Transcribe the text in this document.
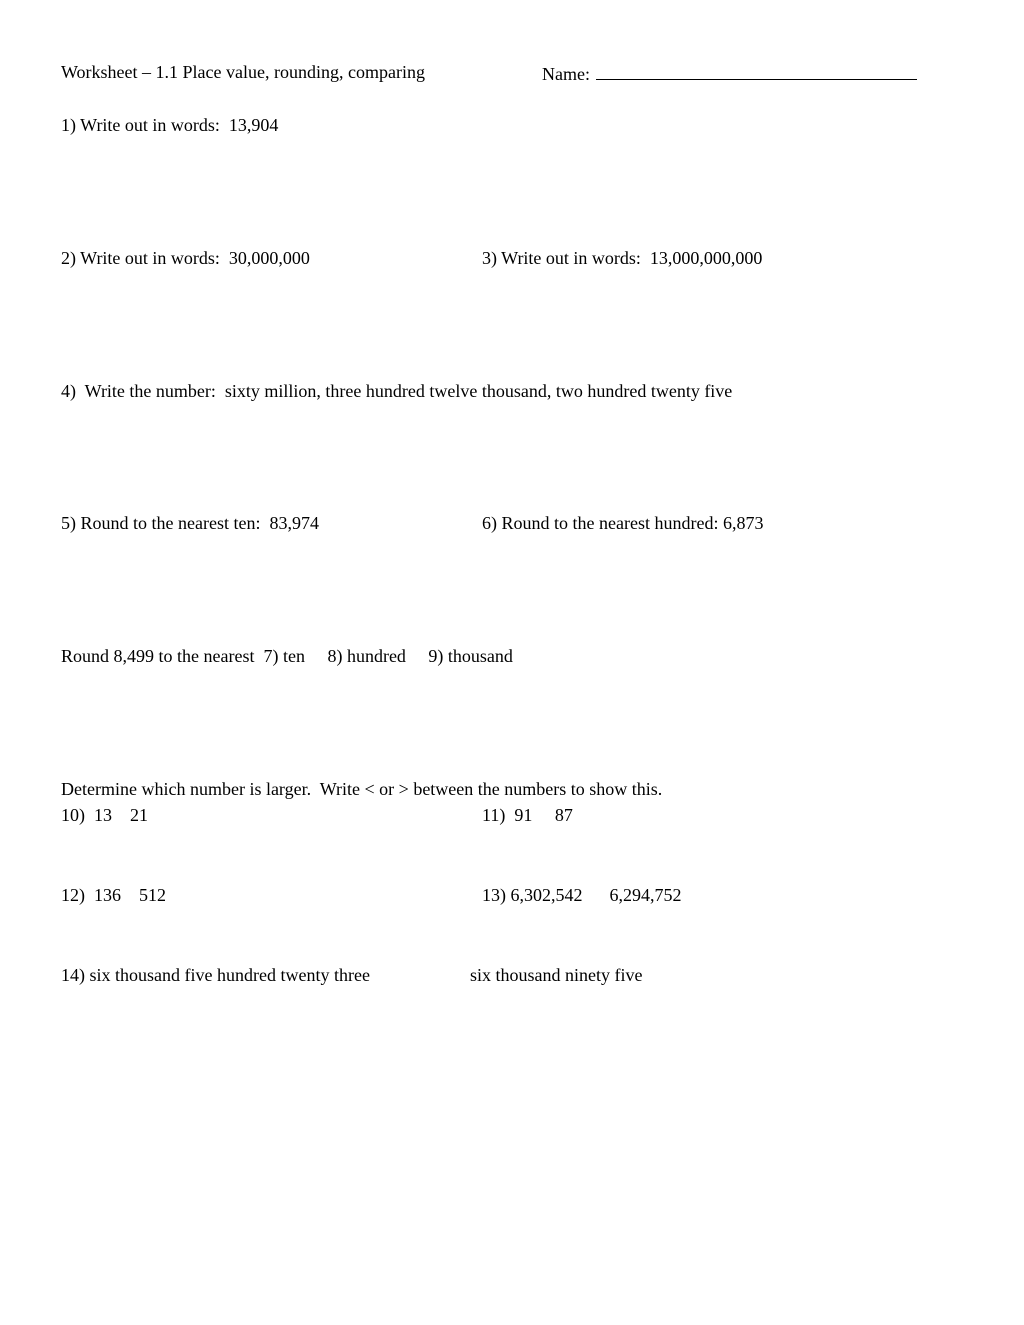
Worksheet – 1.1 Place value, rounding, comparing	Name:
1) Write out in words:  13,904
2) Write out in words:  30,000,000	3) Write out in words:  13,000,000,000
4)  Write the number:  sixty million, three hundred twelve thousand, two hundred twenty five
5) Round to the nearest ten:  83,974	6) Round to the nearest hundred: 6,873
Round 8,499 to the nearest  7) ten     8) hundred     9) thousand
Determine which number is larger.  Write < or > between the numbers to show this.
10)  13    21	11)  91     87
12)  136    512	13) 6,302,542      6,294,752
14) six thousand five hundred twenty three	six thousand ninety five
